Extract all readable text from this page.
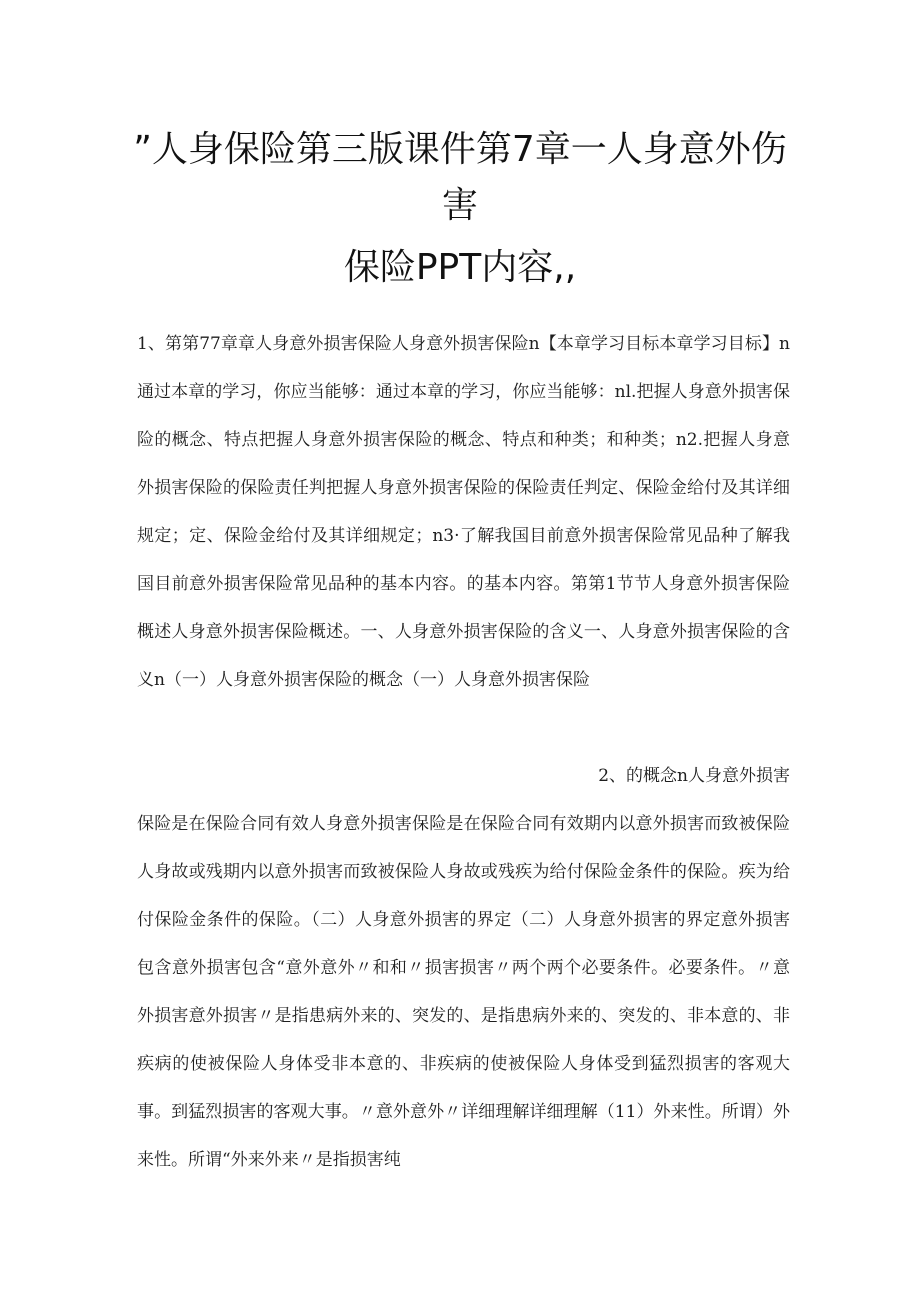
”人身保险第三版课件第7章一人身意外伤
害
保险PPT内容,,
1、第第77章章人身意外损害保险人身意外损害保险n【本章学习目标本章学习目标】n通过本章的学习，你应当能够：通过本章的学习，你应当能够：nl.把握人身意外损害保险的概念、特点把握人身意外损害保险的概念、特点和种类；和种类；n2.把握人身意外损害保险的保险责任判把握人身意外损害保险的保险责任判定、保险金给付及其详细规定；定、保险金给付及其详细规定；n3·了解我国目前意外损害保险常见品种了解我国目前意外损害保险常见品种的基本内容。的基本内容。第第1节节人身意外损害保险概述人身意外损害保险概述。一、人身意外损害保险的含义一、人身意外损害保险的含义n（一）人身意外损害保险的概念（一）人身意外损害保险
2、的概念n人身意外损害
保险是在保险合同有效人身意外损害保险是在保险合同有效期内以意外损害而致被保险人身故或残期内以意外损害而致被保险人身故或残疾为给付保险金条件的保险。疾为给付保险金条件的保险。（二）人身意外损害的界定（二）人身意外损害的界定意外损害包含意外损害包含“意外意外〃和和〃损害损害〃两个两个必要条件。必要条件。〃意外损害意外损害〃是指患病外来的、突发的、是指患病外来的、突发的、非本意的、非疾病的使被保险人身体受非本意的、非疾病的使被保险人身体受到猛烈损害的客观大事。到猛烈损害的客观大事。〃意外意外〃详细理解详细理解（11）外来性。所谓）外来性。所谓“外来外来〃是指损害纯
